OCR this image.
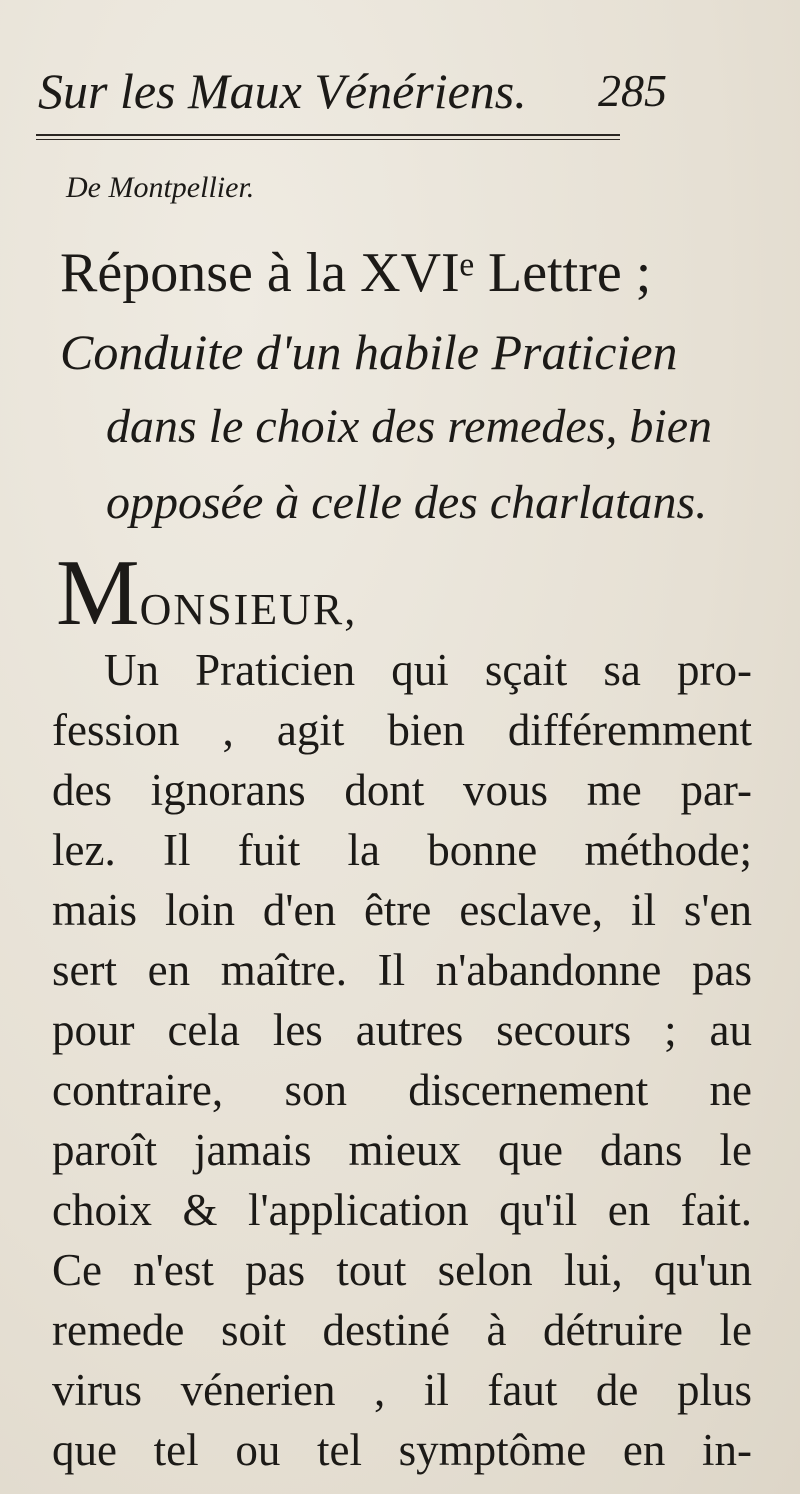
Sur les Maux Vénériens. 285
De Montpellier.
Réponse à la XVIᵉ Lettre ;
Conduite d'un habile Praticien
dans le choix des remedes, bien
opposée à celle des charlatans.
MONSIEUR,
Un Praticien qui sçait sa pro-
fession , agit bien différemment
des ignorans dont vous me par-
lez. Il fuit la bonne méthode;
mais loin d'en être esclave, il s'en
sert en maître. Il n'abandonne pas
pour cela les autres secours ; au
contraire, son discernement ne
paroît jamais mieux que dans le
choix & l'application qu'il en fait.
Ce n'est pas tout selon lui, qu'un
remede soit destiné à détruire le
virus vénerien , il faut de plus
que tel ou tel symptôme en in-
